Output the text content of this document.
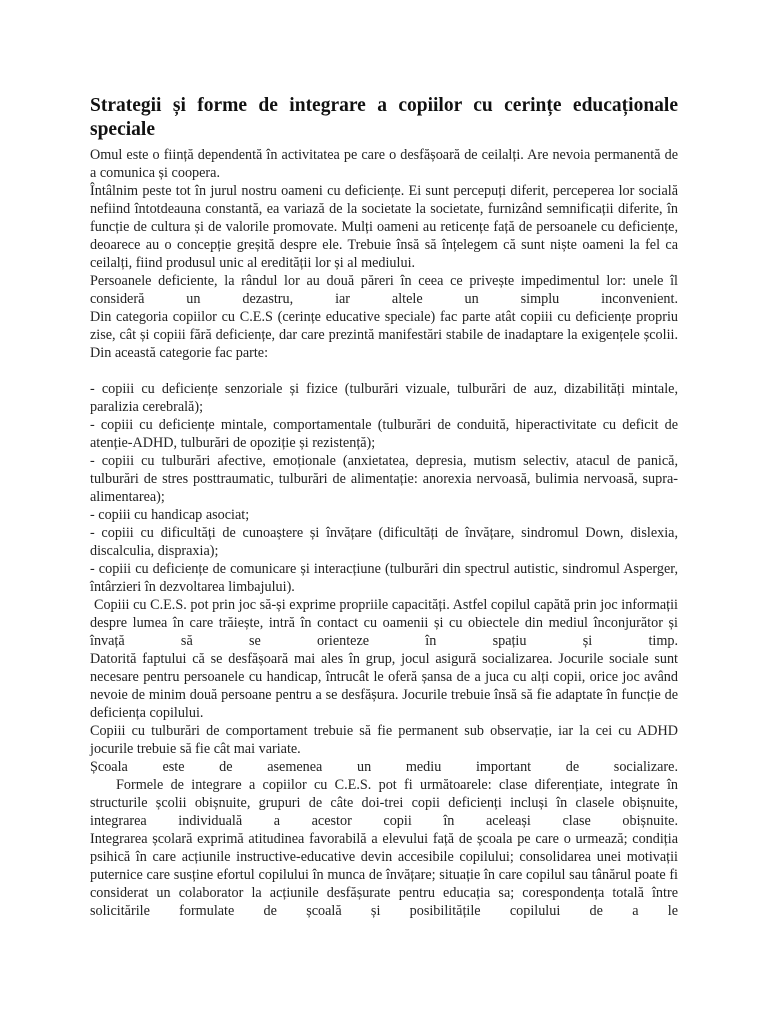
Strategii și forme de integrare a copiilor cu cerințe educaționale speciale

Omul este o ființă dependentă în activitatea pe care o desfășoară de ceilalți. Are nevoia permanentă de a comunica și coopera.

Întâlnim peste tot în jurul nostru oameni cu deficiențe. Ei sunt percepuți diferit, perceperea lor socială nefiind întotdeauna constantă, ea variază de la societate la societate, furnizând semnificații diferite, în funcție de cultura și de valorile promovate. Mulți oameni au reticențe față de persoanele cu deficiențe, deoarece au o concepție greșită despre ele. Trebuie însă să înțelegem că sunt niște oameni la fel ca ceilalți, fiind produsul unic al eredității lor și al mediului.

Persoanele deficiente, la rândul lor au două păreri în ceea ce privește impedimentul lor: unele îl consideră un dezastru, iar altele un simplu inconvenient.

Din categoria copiilor cu C.E.S (cerințe educative speciale) fac parte atât copiii cu deficiențe propriu zise, cât și copiii fără deficiențe, dar care prezintă manifestări stabile de inadaptare la exigențele școlii. Din această categorie fac parte:

- copiii cu deficiențe senzoriale și fizice (tulburări vizuale, tulburări de auz, dizabilități mintale, paralizia cerebrală);

- copiii cu deficiențe mintale, comportamentale (tulburări de conduită, hiperactivitate cu deficit de atenție-ADHD, tulburări de opoziție și rezistență);

- copiii cu tulburări afective, emoționale (anxietatea, depresia, mutism selectiv, atacul de panică, tulburări de stres posttraumatic, tulburări de alimentație: anorexia nervoasă, bulimia nervoasă, supra-alimentarea);

- copiii cu handicap asociat;

- copiii cu dificultăți de cunoaștere și învățare (dificultăți de învățare, sindromul Down, dislexia, discalculia, dispraxia);

- copiii cu deficiențe de comunicare și interacțiune (tulburări din spectrul autistic, sindromul Asperger, întârzieri în dezvoltarea limbajului).

Copiii cu C.E.S. pot prin joc să-și exprime propriile capacități. Astfel copilul capătă prin joc informații despre lumea în care trăiește, intră în contact cu oamenii și cu obiectele din mediul înconjurător și învață să se orienteze în spațiu și timp.

Datorită faptului că se desfășoară mai ales în grup, jocul asigură socializarea. Jocurile sociale sunt necesare pentru persoanele cu handicap, întrucât le oferă șansa de a juca cu alți copii, orice joc având nevoie de minim două persoane pentru a se desfășura. Jocurile trebuie însă să fie adaptate în funcție de deficiența copilului.

Copiii cu tulburări de comportament trebuie să fie permanent sub observație, iar la cei cu ADHD jocurile trebuie să fie cât mai variate.

Școala este de asemenea un mediu important de socializare.

Formele de integrare a copiilor cu C.E.S. pot fi următoarele: clase diferențiate, integrate în structurile școlii obișnuite, grupuri de câte doi-trei copii deficienți incluși în clasele obișnuite, integrarea individuală a acestor copii în aceleași clase obișnuite.

Integrarea școlară exprimă atitudinea favorabilă a elevului față de școala pe care o urmează; condiția psihică în care acțiunile instructive-educative devin accesibile copilului; consolidarea unei motivații puternice care susține efortul copilului în munca de învățare; situație în care copilul sau tânărul poate fi considerat un colaborator la acțiunile desfășurate pentru educația sa; corespondența totală între solicitările formulate de școală și posibilitățile copilului de a le
